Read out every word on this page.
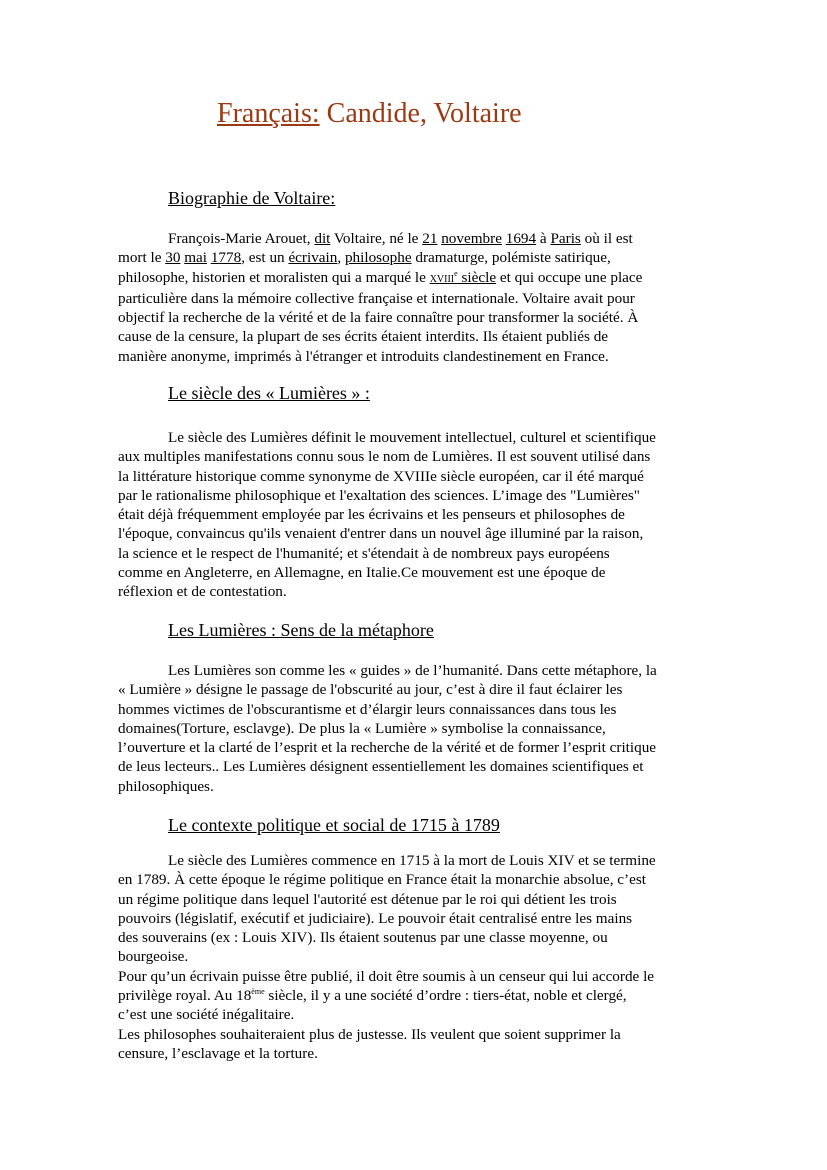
Français: Candide, Voltaire
Biographie de Voltaire:
François-Marie Arouet, dit Voltaire, né le 21 novembre 1694 à Paris où il est
mort le 30 mai 1778, est un écrivain, philosophe dramaturge, polémiste satirique,
philosophe, historien et moralisten qui a marqué le XVIIIe siècle et qui occupe une place
particulière dans la mémoire collective française et internationale. Voltaire avait pour
objectif la recherche de la vérité et de la faire connaître pour transformer la société. À
cause de la censure, la plupart de ses écrits étaient interdits. Ils étaient publiés de
manière anonyme, imprimés à l'étranger et introduits clandestinement en France.
Le siècle des « Lumières » :
Le siècle des Lumières définit le mouvement intellectuel, culturel et scientifique
aux multiples manifestations connu sous le nom de Lumières. Il est souvent utilisé dans
la littérature historique comme synonyme de XVIIIe siècle européen, car il été marqué
par le rationalisme philosophique et l'exaltation des sciences. L’image des "Lumières"
était déjà fréquemment employée par les écrivains et les penseurs et philosophes de
l'époque, convaincus qu'ils venaient d'entrer dans un nouvel âge illuminé par la raison,
la science et le respect de l'humanité; et s'étendait à de nombreux pays européens
comme en Angleterre, en Allemagne, en Italie.Ce mouvement est une époque de
réflexion et de contestation.
Les Lumières : Sens de la métaphore
Les Lumières son comme les « guides » de l’humanité. Dans cette métaphore, la
« Lumière » désigne le passage de l'obscurité au jour, c’est à dire il faut éclairer les
hommes victimes de l'obscurantisme et d’élargir leurs connaissances dans tous les
domaines(Torture, esclavge). De plus la « Lumière » symbolise la connaissance,
l’ouverture et la clarté de l’esprit et la recherche de la vérité et de former l’esprit critique
de leus lecteurs.. Les Lumières désignent essentiellement les domaines scientifiques et
philosophiques.
Le contexte politique et social de 1715 à 1789
Le siècle des Lumières commence en 1715 à la mort de Louis XIV et se termine
en 1789. À cette époque le régime politique en France était la monarchie absolue, c’est
un régime politique dans lequel l'autorité est détenue par le roi qui détient les trois
pouvoirs (législatif, exécutif et judiciaire). Le pouvoir était centralisé entre les mains
des souverains (ex : Louis XIV). Ils étaient soutenus par une classe moyenne, ou
bourgeoise.
Pour qu’un écrivain puisse être publié, il doit être soumis à un censeur qui lui accorde le
privilège royal. Au 18ème siècle, il y a une société d’ordre : tiers-état, noble et clergé,
c’est une société inégalitaire.
Les philosophes souhaiteraient plus de justesse. Ils veulent que soient supprimer la
censure, l’esclavage et la torture.
